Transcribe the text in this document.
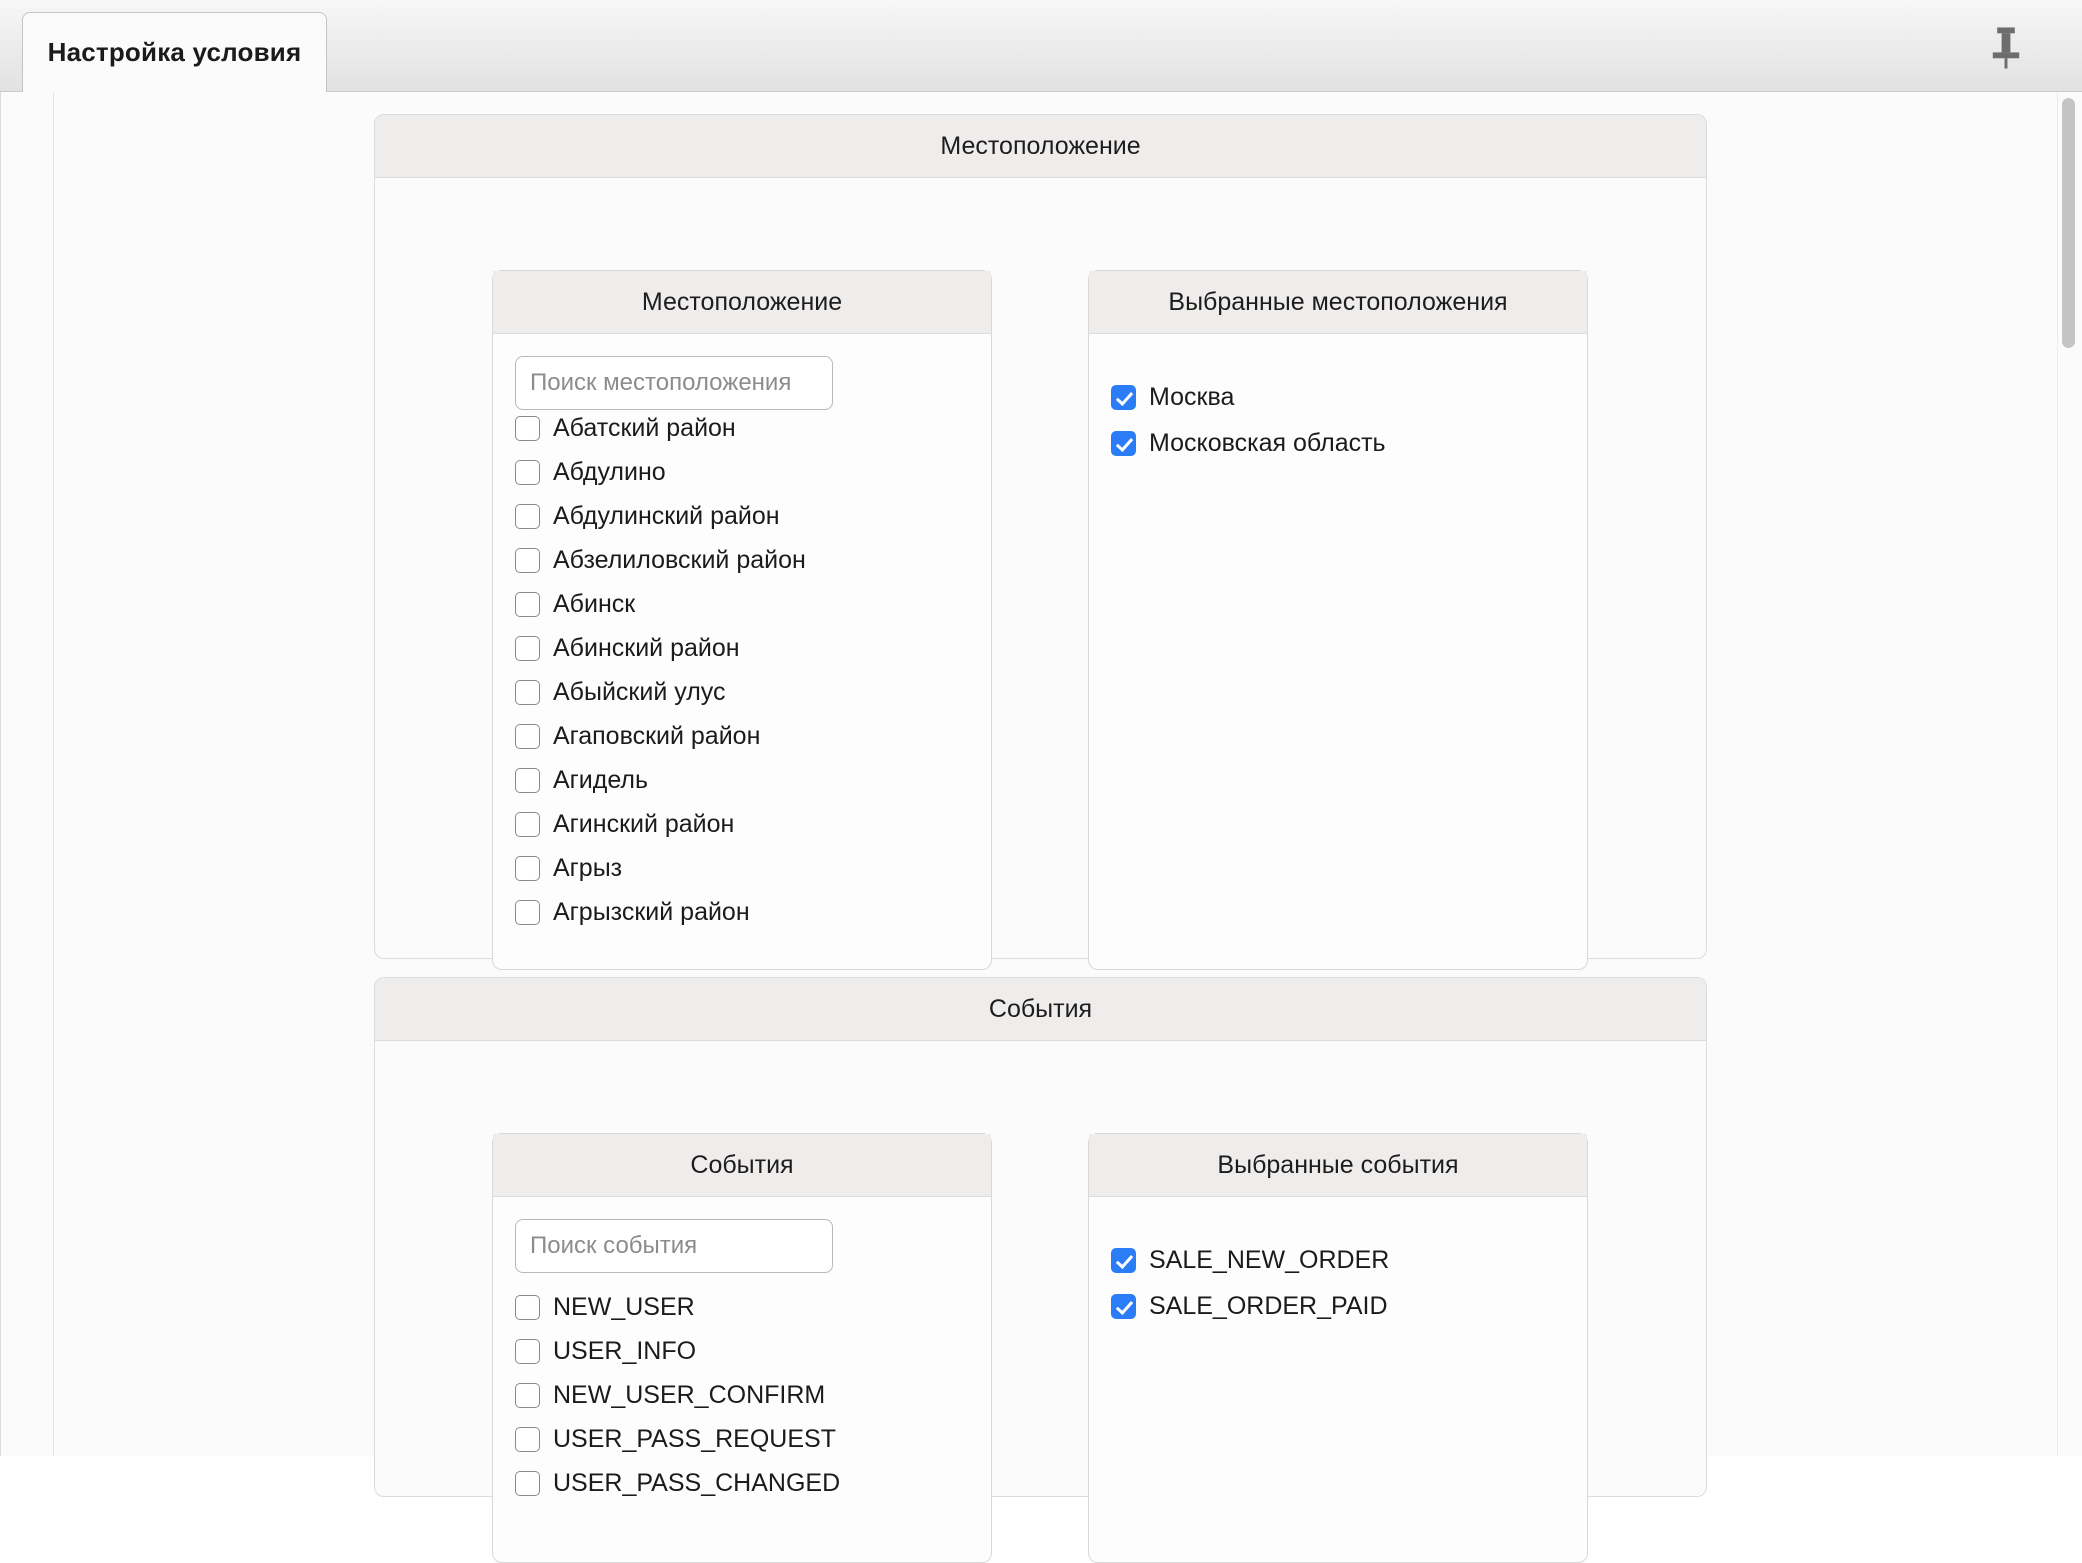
Настройка условия
Местоположение
Местоположение
Поиск местоположения
Абатский район
Абдулино
Абдулинский район
Абзелиловский район
Абинск
Абинский район
Абыйский улус
Агаповский район
Агидель
Агинский район
Агрыз
Агрызский район
Выбранные местоположения
Москва
Московская область
События
События
Поиск события
NEW_USER
USER_INFO
NEW_USER_CONFIRM
USER_PASS_REQUEST
USER_PASS_CHANGED
Выбранные события
SALE_NEW_ORDER
SALE_ORDER_PAID
